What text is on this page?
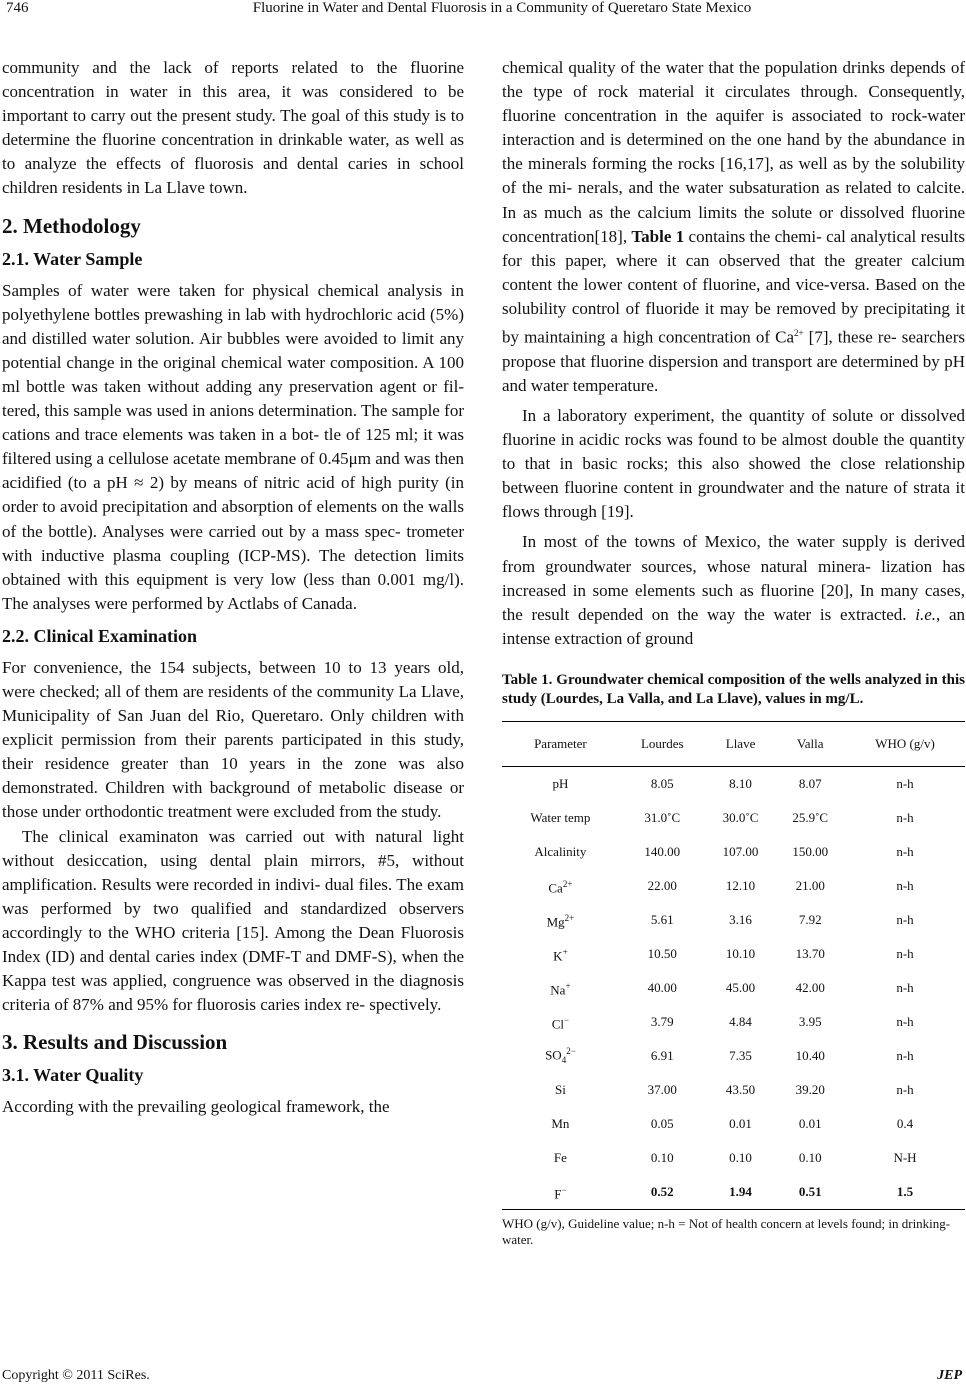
746	Fluorine in Water and Dental Fluorosis in a Community of Queretaro State Mexico

community and the lack of reports related to the fluorine concentration in water in this area, it was considered to be important to carry out the present study. The goal of this study is to determine the fluorine concentration in drinkable water, as well as to analyze the effects of fluorosis and dental caries in school children residents in La Llave town.

2. Methodology
2.1. Water Sample

Samples of water were taken for physical chemical analysis in polyethylene bottles prewashing in lab with hydrochloric acid (5%) and distilled water solution. Air bubbles were avoided to limit any potential change in the original chemical water composition. A 100 ml bottle was taken without adding any preservation agent or fil- tered, this sample was used in anions determination. The sample for cations and trace elements was taken in a bot- tle of 125 ml; it was filtered using a cellulose acetate membrane of 0.45μm and was then acidified (to a pH ≈ 2) by means of nitric acid of high purity (in order to avoid precipitation and absorption of elements on the walls of the bottle). Analyses were carried out by a mass spec- trometer with inductive plasma coupling (ICP-MS). The detection limits obtained with this equipment is very low (less than 0.001 mg/l). The analyses were performed by Actlabs of Canada.

2.2. Clinical Examination

For convenience, the 154 subjects, between 10 to 13 years old, were checked; all of them are residents of the community La Llave, Municipality of San Juan del Rio, Queretaro. Only children with explicit permission from their parents participated in this study, their residence greater than 10 years in the zone was also demonstrated. Children with background of metabolic disease or those under orthodontic treatment were excluded from the study.

The clinical examinaton was carried out with natural light without desiccation, using dental plain mirrors, #5, without amplification. Results were recorded in indivi- dual files. The exam was performed by two qualified and standardized observers accordingly to the WHO criteria [15]. Among the Dean Fluorosis Index (ID) and dental caries index (DMF-T and DMF-S), when the Kappa test was applied, congruence was observed in the diagnosis criteria of 87% and 95% for fluorosis caries index re- spectively.

3. Results and Discussion
3.1. Water Quality

According with the prevailing geological framework, the

chemical quality of the water that the population drinks depends of the type of rock material it circulates through. Consequently, fluorine concentration in the aquifer is associated to rock-water interaction and is determined on the one hand by the abundance in the minerals forming the rocks [16,17], as well as by the solubility of the mi- nerals, and the water subsaturation as related to calcite. In as much as the calcium limits the solute or dissolved fluorine concentration[18], Table 1 contains the chemi- cal analytical results for this paper, where it can observed that the greater calcium content the lower content of fluorine, and vice-versa. Based on the solubility control of fluoride it may be removed by precipitating it by maintaining a high concentration of $Ca^{2+}$ [7], these re- searchers propose that fluorine dispersion and transport are determined by pH and water temperature.

In a laboratory experiment, the quantity of solute or dissolved fluorine in acidic rocks was found to be almost double the quantity to that in basic rocks; this also showed the close relationship between fluorine content in groundwater and the nature of strata it flows through [19].

In most of the towns of Mexico, the water supply is derived from groundwater sources, whose natural minera- lization has increased in some elements such as fluorine [20], In many cases, the result depended on the way the water is extracted. i.e., an intense extraction of ground

Table 1. Groundwater chemical composition of the wells analyzed in this study (Lourdes, La Valla, and La Llave), values in mg/L.
Parameter	Lourdes	Llave	Valla	WHO (g/v)
pH	8.05	8.10	8.07	n-h
Water temp	31.0˚C	30.0˚C	25.9˚C	n-h
Alcalinity	140.00	107.00	150.00	n-h
$Ca^{2+}$	22.00	12.10	21.00	n-h
$Mg^{2+}$	5.61	3.16	7.92	n-h
K+	10.50	10.10	13.70	n-h
Na+	40.00	45.00	42.00	n-h
Cl−	3.79	4.84	3.95	n-h
$SO_4^{2-}$	6.91	7.35	10.40	n-h
Si	37.00	43.50	39.20	n-h
Mn	0.05	0.01	0.01	0.4
Fe	0.10	0.10	0.10	N-H
F−	0.52	1.94	0.51	1.5
WHO (g/v), Guideline value; n-h = Not of health concern at levels found; in drinking-water.
Copyright © 2011 SciRes.	JEP
